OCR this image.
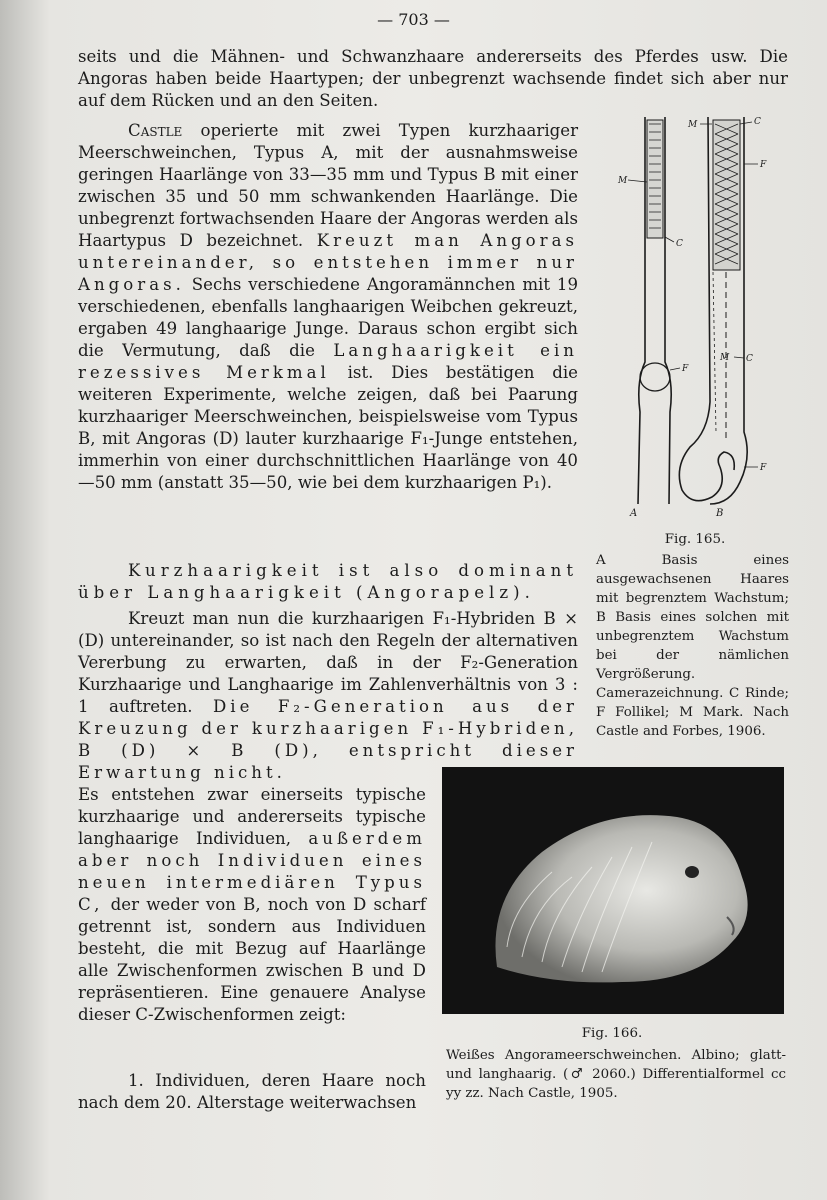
— 703 —

seits und die Mähnen- und Schwanzhaare andererseits des Pferdes usw. Die Angoras haben beide Haartypen; der unbegrenzt wachsende findet sich aber nur auf dem Rücken und an den Seiten.

Castle operierte mit zwei Typen kurzhaariger Meerschweinchen, Typus A, mit der ausnahmsweise geringen Haarlänge von 33—35 mm und Typus B mit einer zwischen 35 und 50 mm schwankenden Haarlänge. Die unbegrenzt fortwachsenden Haare der Angoras werden als Haartypus D bezeichnet. Kreuzt man Angoras untereinander, so entstehen immer nur Angoras. Sechs verschiedene Angoramännchen mit 19 verschiedenen, ebenfalls langhaarigen Weibchen gekreuzt, ergaben 49 langhaarige Junge. Daraus schon ergibt sich die Vermutung, daß die Langhaarigkeit ein rezessives Merkmal ist. Dies bestätigen die weiteren Experimente, welche zeigen, daß bei Paarung kurzhaariger Meerschweinchen, beispielsweise vom Typus B, mit Angoras (D) lauter kurzhaarige F₁-Junge entstehen, immerhin von einer durchschnittlichen Haarlänge von 40—50 mm (anstatt 35—50, wie bei dem kurzhaarigen P₁).

Kurzhaarigkeit ist also dominant über Langhaarigkeit (Angorapelz).

Kreuzt man nun die kurzhaarigen F₁-Hybriden B × (D) untereinander, so ist nach den Regeln der alternativen Vererbung zu erwarten, daß in der F₂-Generation Kurzhaarige und Langhaarige im Zahlenverhältnis von 3 : 1 auftreten. Die F₂-Generation aus der Kreuzung der kurzhaarigen F₁-Hybriden, B (D) × B (D), entspricht dieser Erwartung nicht.

Es entstehen zwar einerseits typische kurzhaarige und andererseits typische langhaarige Individuen, außerdem aber noch Individuen eines neuen intermediären Typus C, der weder von B, noch von D scharf getrennt ist, sondern aus Individuen besteht, die mit Bezug auf Haarlänge alle Zwischenformen zwischen B und D repräsentieren. Eine genauere Analyse dieser C-Zwischenformen zeigt:

1. Individuen, deren Haare noch nach dem 20. Alterstage weiterwachsen

M
C
F
M	C
F
M C
F
A	B
Fig. 165.
A Basis eines ausgewachsenen Haares mit begrenztem Wachstum; B Basis eines solchen mit unbegrenztem Wachstum bei der nämlichen Vergrößerung. Camerazeichnung. C Rinde; F Follikel; M Mark. Nach Castle and Forbes, 1906.
Fig. 166.
Weißes Angorameerschweinchen. Albino; glatt- und langhaarig. (♂ 2060.) Differentialformel cc yy zz. Nach Castle, 1905.
